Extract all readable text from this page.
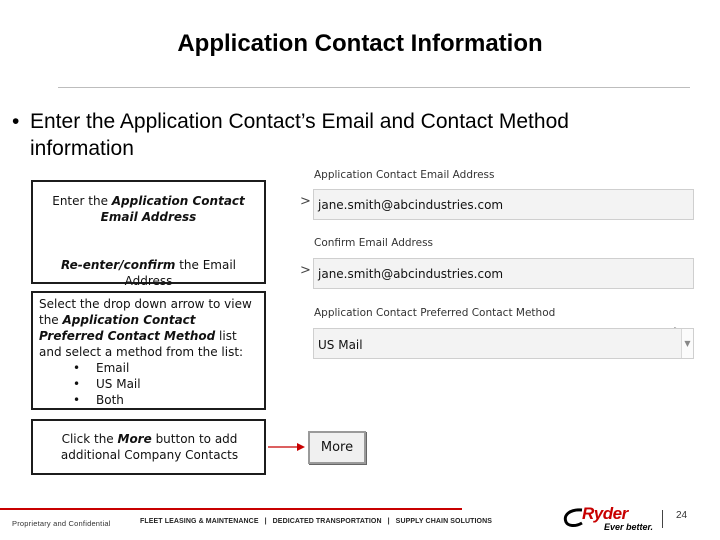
Application Contact Information
• Enter the Application Contact’s Email and Contact Method information
Enter the Application Contact Email Address
Re-enter/confirm the Email Address
Select the drop down arrow to view the Application Contact Preferred Contact Method list and select a method from the list:
• Email
• US Mail
• Both
Click the More button to add additional Company Contacts
>
>
Application Contact Email Address
jane.smith@abcindustries.com
Confirm Email Address
jane.smith@abcindustries.com
Application Contact Preferred Contact Method
US Mail	▼
More
Proprietary and Confidential	FLEET LEASING & MAINTENANCE | DEDICATED TRANSPORTATION | SUPPLY CHAIN SOLUTIONS	Ryder
Ever better.
24
